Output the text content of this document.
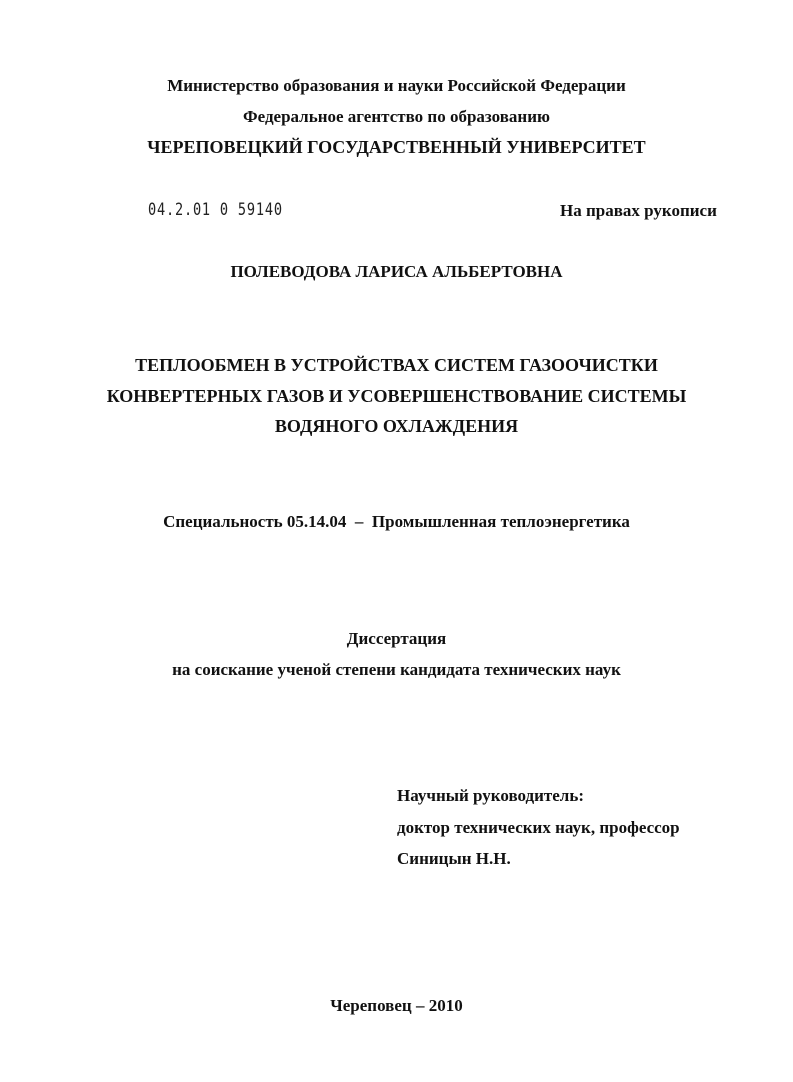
Министерство образования и науки Российской Федерации
Федеральное агентство по образованию
ЧЕРЕПОВЕЦКИЙ ГОСУДАРСТВЕННЫЙ УНИВЕРСИТЕТ
04.2.01 0 59140	На правах рукописи
ПОЛЕВОДОВА ЛАРИСА АЛЬБЕРТОВНА
ТЕПЛООБМЕН В УСТРОЙСТВАХ СИСТЕМ ГАЗООЧИСТКИ
КОНВЕРТЕРНЫХ ГАЗОВ И УСОВЕРШЕНСТВОВАНИЕ СИСТЕМЫ
ВОДЯНОГО ОХЛАЖДЕНИЯ
Специальность 05.14.04  –  Промышленная теплоэнергетика
Диссертация
на соискание ученой степени кандидата технических наук
Научный руководитель:
доктор технических наук, профессор
Синицын Н.Н.
Череповец – 2010
